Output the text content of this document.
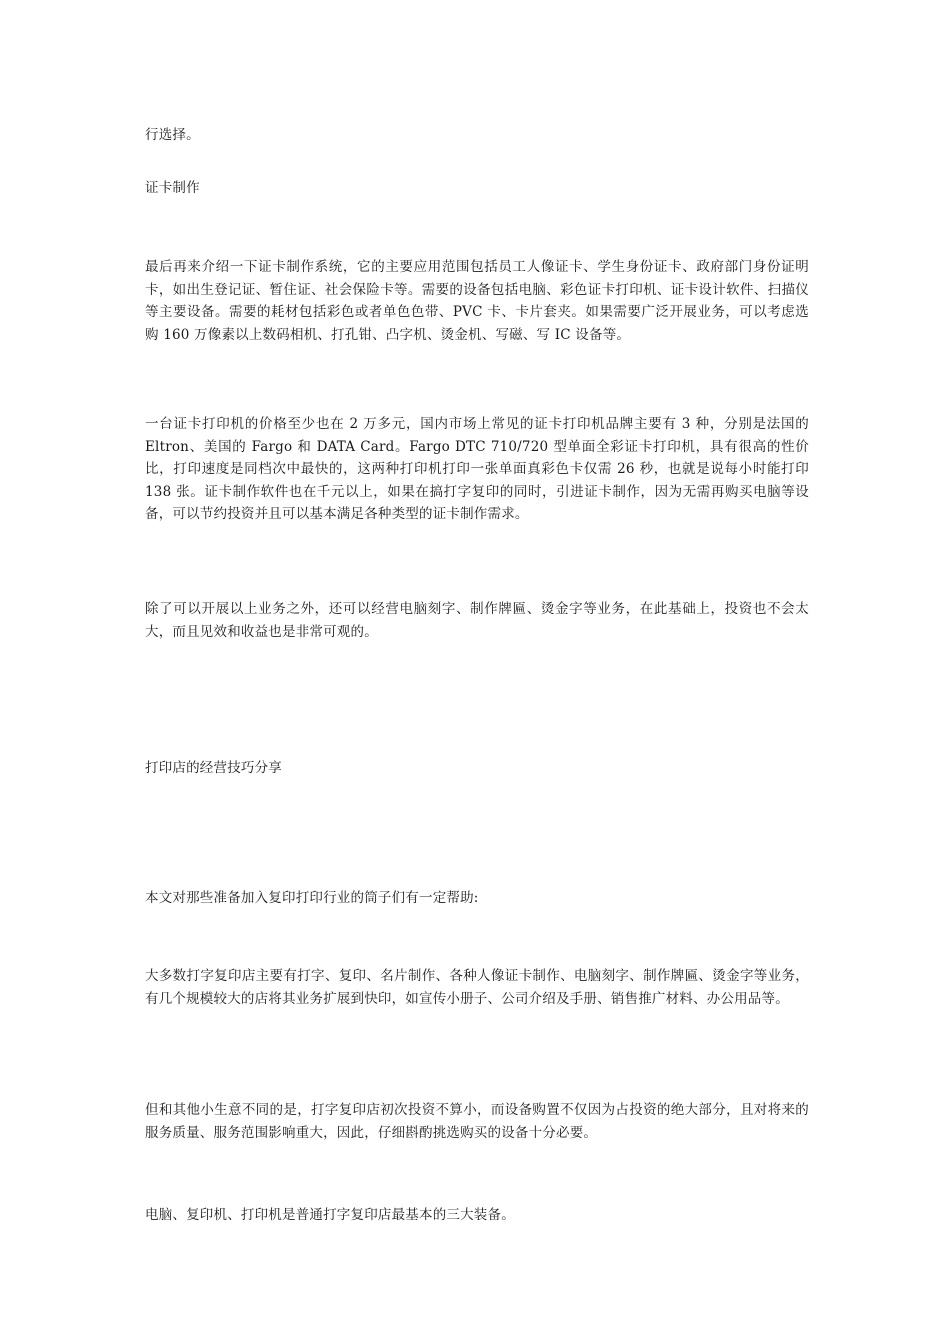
行选择。

证卡制作

最后再来介绍一下证卡制作系统，它的主要应用范围包括员工人像证卡、学生身份证卡、政府部门身份证明卡，如出生登记证、暂住证、社会保险卡等。需要的设备包括电脑、彩色证卡打印机、证卡设计软件、扫描仪等主要设备。需要的耗材包括彩色或者单色色带、PVC 卡、卡片套夹。如果需要广泛开展业务，可以考虑选购 160 万像素以上数码相机、打孔钳、凸字机、烫金机、写磁、写 IC 设备等。

一台证卡打印机的价格至少也在 2 万多元，国内市场上常见的证卡打印机品牌主要有 3 种，分别是法国的 Eltron、美国的 Fargo 和 DATA Card。Fargo DTC 710/720 型单面全彩证卡打印机，具有很高的性价比，打印速度是同档次中最快的，这两种打印机打印一张单面真彩色卡仅需 26 秒，也就是说每小时能打印 138 张。证卡制作软件也在千元以上，如果在搞打字复印的同时，引进证卡制作，因为无需再购买电脑等设备，可以节约投资并且可以基本满足各种类型的证卡制作需求。

除了可以开展以上业务之外，还可以经营电脑刻字、制作牌匾、烫金字等业务，在此基础上，投资也不会太大，而且见效和收益也是非常可观的。

打印店的经营技巧分享

本文对那些准备加入复印打印行业的筒子们有一定帮助:

大多数打字复印店主要有打字、复印、名片制作、各种人像证卡制作、电脑刻字、制作牌匾、烫金字等业务，有几个规模较大的店将其业务扩展到快印，如宣传小册子、公司介绍及手册、销售推广材料、办公用品等。

但和其他小生意不同的是，打字复印店初次投资不算小，而设备购置不仅因为占投资的绝大部分，且对将来的服务质量、服务范围影响重大，因此，仔细斟酌挑选购买的设备十分必要。

电脑、复印机、打印机是普通打字复印店最基本的三大装备。
